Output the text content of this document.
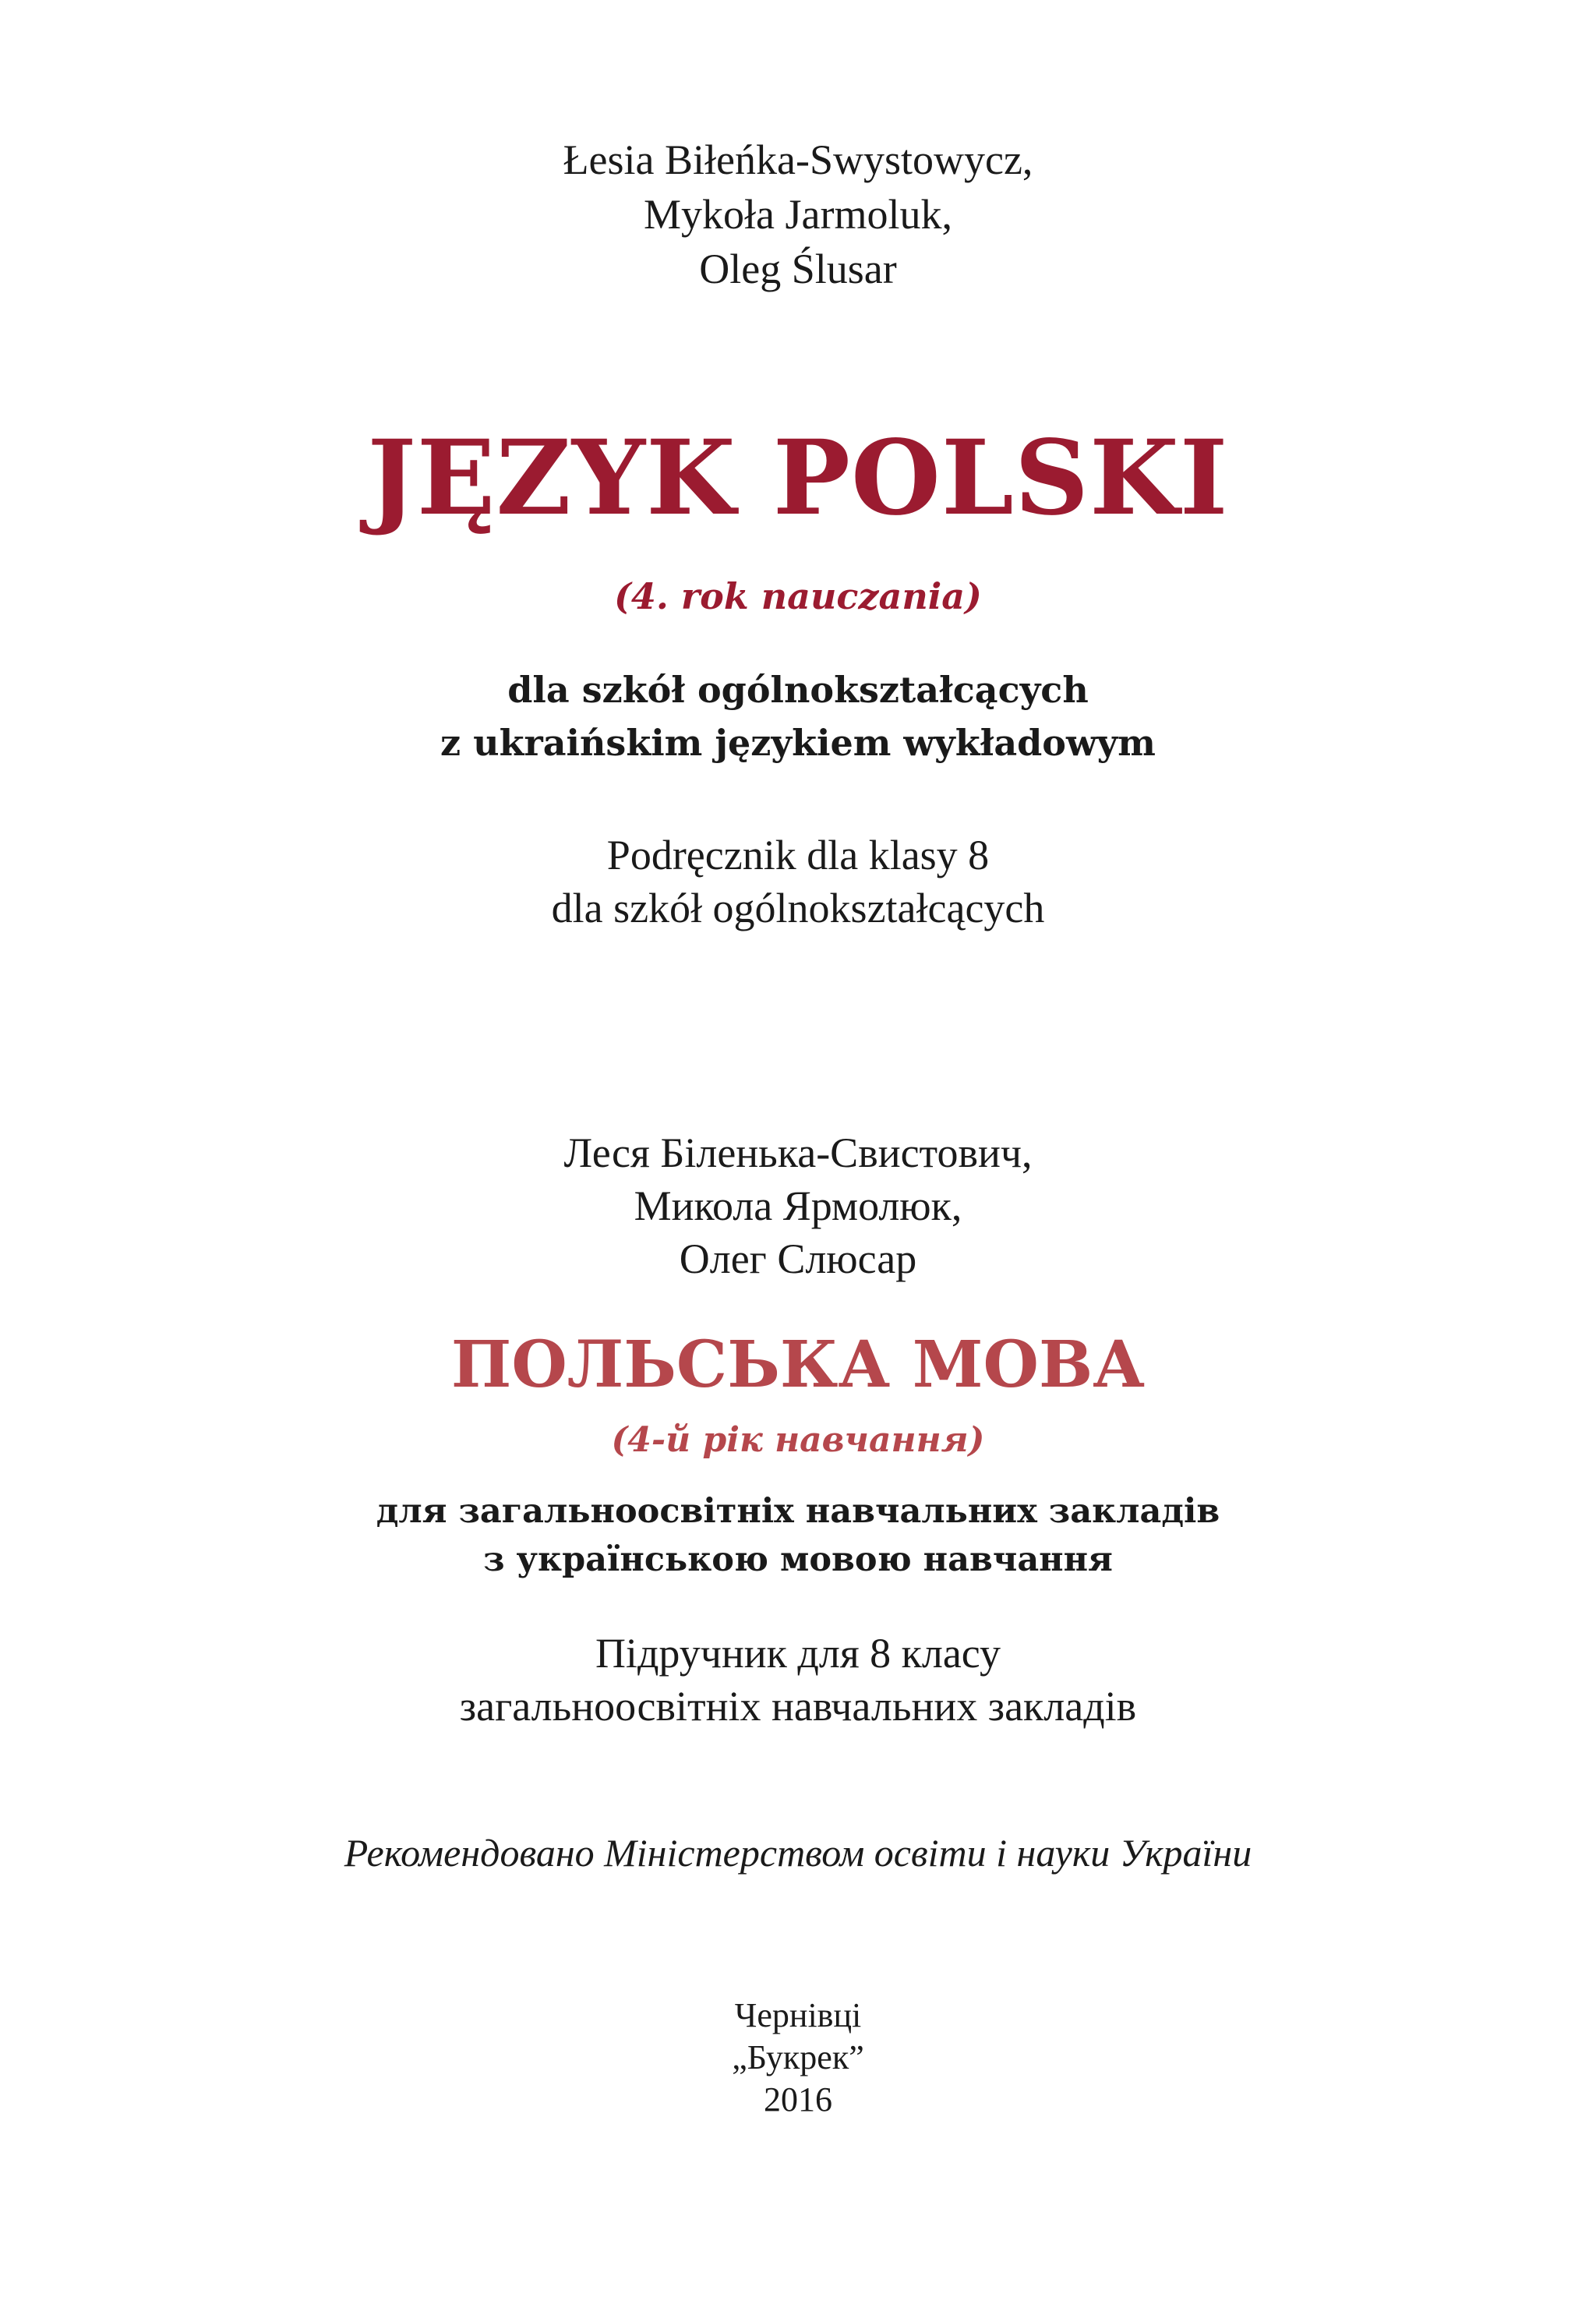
Łesia Biłeńka-Swystowycz,
Mykoła Jarmoluk,
Oleg Ślusar
JĘZYK POLSKI
(4. rok nauczania)
dla szkół ogólnokształcących
z ukraińskim językiem wykładowym
Podręcznik dla klasy 8
dla szkół ogólnokształcących
Леся Біленька-Свистович,
Микола Ярмолюк,
Олег Слюсар
ПОЛЬСЬКА МОВА
(4-й рік навчання)
для загальноосвітніх навчальних закладів
з українською мовою навчання
Підручник для 8 класу
загальноосвітніх навчальних закладів
Рекомендовано Міністерством освіти і науки України
Чернівці
„Букрек”
2016
